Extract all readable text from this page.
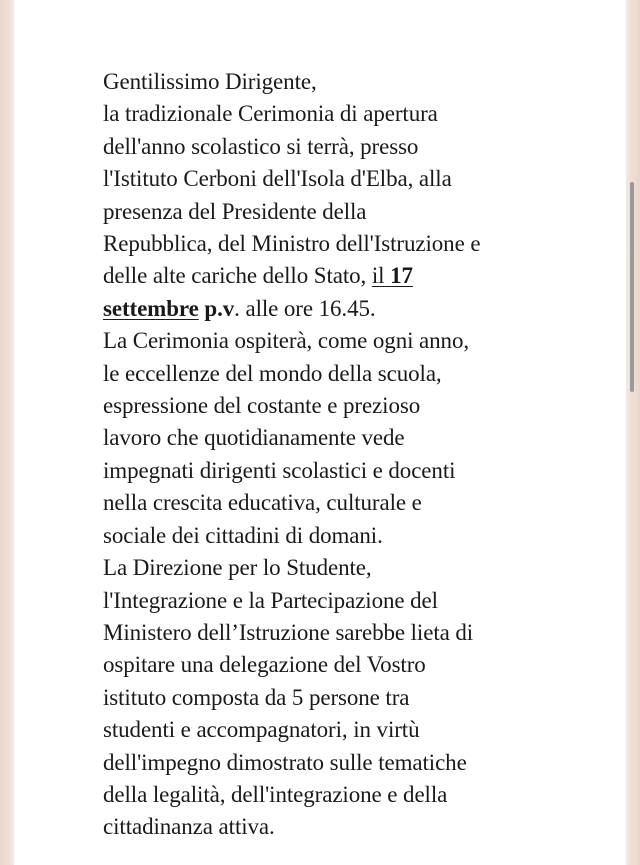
Gentilissimo Dirigente,
la tradizionale Cerimonia di apertura
dell'anno scolastico si terrà, presso
l'Istituto Cerboni dell'Isola d'Elba, alla
presenza del Presidente della
Repubblica, del Ministro dell'Istruzione e
delle alte cariche dello Stato, il 17
settembre p.v. alle ore 16.45.
La Cerimonia ospiterà, come ogni anno,
le eccellenze del mondo della scuola,
espressione del costante e prezioso
lavoro che quotidianamente vede
impegnati dirigenti scolastici e docenti
nella crescita educativa, culturale e
sociale dei cittadini di domani.
La Direzione per lo Studente,
l'Integrazione e la Partecipazione del
Ministero dell’Istruzione sarebbe lieta di
ospitare una delegazione del Vostro
istituto composta da 5 persone tra
studenti e accompagnatori, in virtù
dell'impegno dimostrato sulle tematiche
della legalità, dell'integrazione e della
cittadinanza attiva.
